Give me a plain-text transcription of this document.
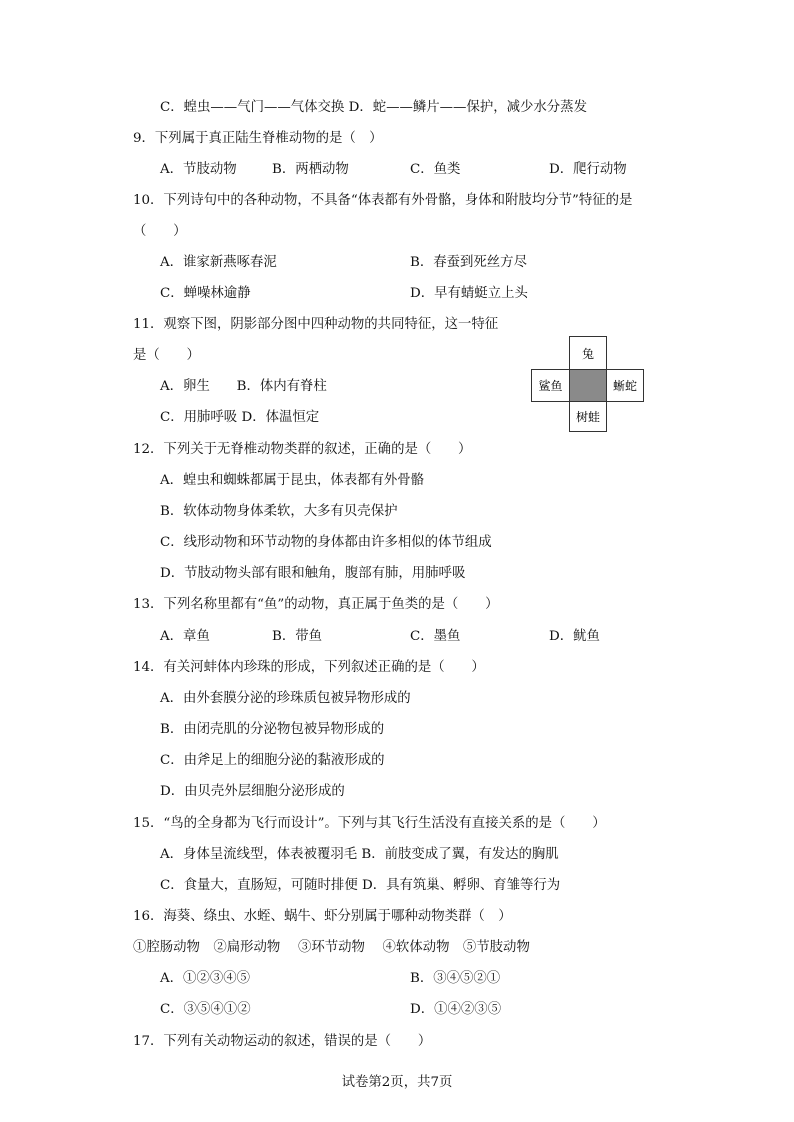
C．蝗虫——气门——气体交换 D．蛇——鳞片——保护，减少水分蒸发
9．下列属于真正陆生脊椎动物的是（　）
A．节肢动物	B．两栖动物	C．鱼类	D．爬行动物
10．下列诗句中的各种动物，不具备“体表都有外骨骼，身体和附肢均分节”特征的是
（　　）
A．谁家新燕啄春泥	B．春蚕到死丝方尽
C．蝉噪林逾静	D．早有蜻蜓立上头
11．观察下图，阴影部分图中四种动物的共同特征，这一特征
是（　　）
A．卵生　　B．体内有脊柱
C．用肺呼吸 D．体温恒定
兔
鲨鱼	蜥蛇
树蛙
12．下列关于无脊椎动物类群的叙述，正确的是（　　）
A．蝗虫和蜘蛛都属于昆虫，体表都有外骨骼
B．软体动物身体柔软，大多有贝壳保护
C．线形动物和环节动物的身体都由许多相似的体节组成
D．节肢动物头部有眼和触角，腹部有肺，用肺呼吸
13．下列名称里都有“鱼”的动物，真正属于鱼类的是（　　）
A．章鱼	B．带鱼	C．墨鱼	D．鱿鱼
14．有关河蚌体内珍珠的形成，下列叙述正确的是（　　）
A．由外套膜分泌的珍珠质包被异物形成的
B．由闭壳肌的分泌物包被异物形成的
C．由斧足上的细胞分泌的黏液形成的
D．由贝壳外层细胞分泌形成的
15．“鸟的全身都为飞行而设计”。下列与其飞行生活没有直接关系的是（　　）
A．身体呈流线型，体表被覆羽毛 B．前肢变成了翼，有发达的胸肌
C．食量大，直肠短，可随时排便 D．具有筑巢、孵卵、育雏等行为
16．海葵、绦虫、水蛭、蜗牛、虾分别属于哪种动物类群（　）
①腔肠动物　②扁形动物　 ③环节动物　 ④软体动物　⑤节肢动物
A．①②③④⑤	B．③④⑤②①
C．③⑤④①②	D．①④②③⑤
17．下列有关动物运动的叙述，错误的是（　　）
试卷第2页，共7页
